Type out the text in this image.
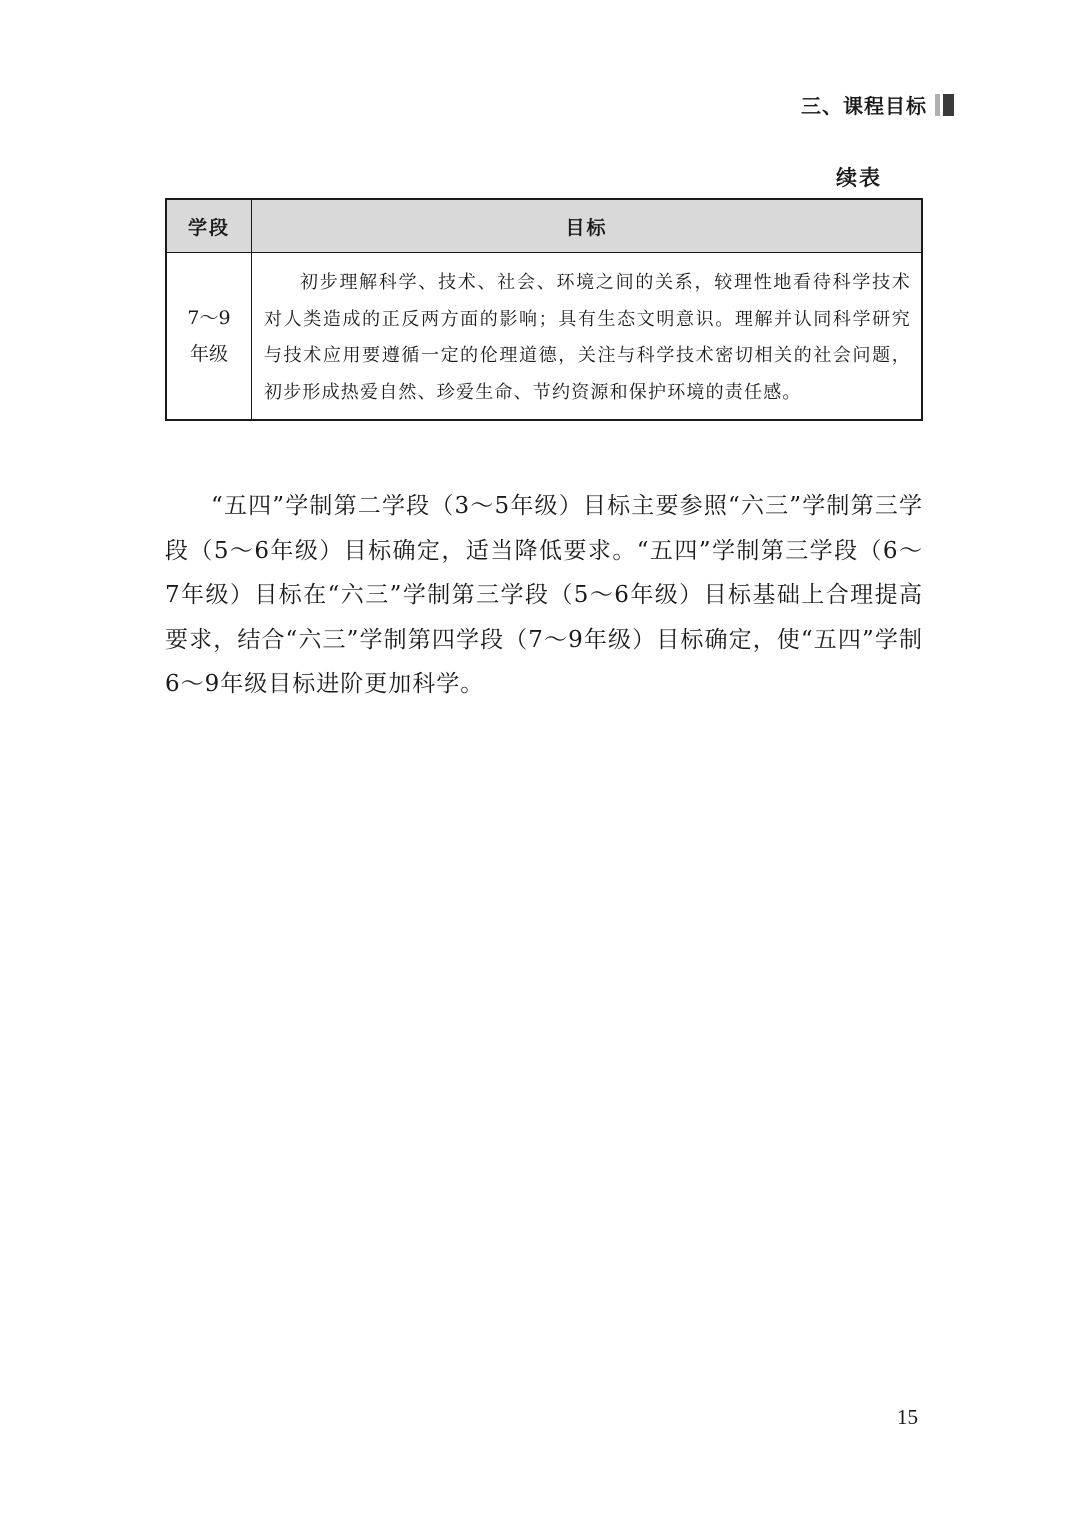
三、课程目标
续表
学段	目标

7～9
年级	初步理解科学、技术、社会、环境之间的关系，较理性地看待科学技术对人类造成的正反两方面的影响；具有生态文明意识。理解并认同科学研究与技术应用要遵循一定的伦理道德，关注与科学技术密切相关的社会问题，初步形成热爱自然、珍爱生命、节约资源和保护环境的责任感。

“五四”学制第二学段（3～5年级）目标主要参照“六三”学制第三学段（5～6年级）目标确定，适当降低要求。“五四”学制第三学段（6～7年级）目标在“六三”学制第三学段（5～6年级）目标基础上合理提高要求，结合“六三”学制第四学段（7～9年级）目标确定，使“五四”学制6～9年级目标进阶更加科学。

15
